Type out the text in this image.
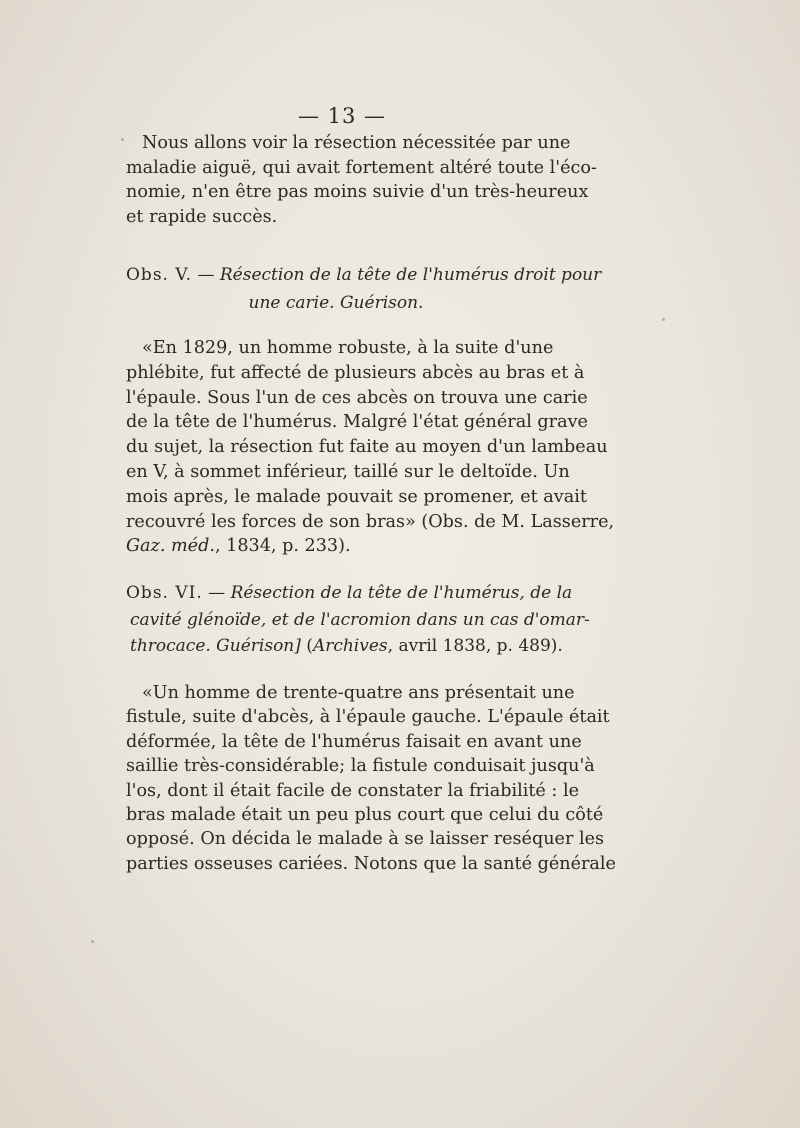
— 13 —
Nous allons voir la résection nécessitée par une
maladie aiguë, qui avait fortement altéré toute l'éco-
nomie, n'en être pas moins suivie d'un très-heureux
et rapide succès.
Obs. V. — Résection de la tête de l'humérus droit pour
une carie. Guérison.
«En 1829, un homme robuste, à la suite d'une
phlébite, fut affecté de plusieurs abcès au bras et à
l'épaule. Sous l'un de ces abcès on trouva une carie
de la tête de l'humérus. Malgré l'état général grave
du sujet, la résection fut faite au moyen d'un lambeau
en V, à sommet inférieur, taillé sur le deltoïde. Un
mois après, le malade pouvait se promener, et avait
recouvré les forces de son bras» (Obs. de M. Lasserre,
Gaz. méd., 1834, p. 233).
Obs. VI. — Résection de la tête de l'humérus, de la
cavité glénoïde, et de l'acromion dans un cas d'omar-
throcace. Guérison] (Archives, avril 1838, p. 489).
«Un homme de trente-quatre ans présentait une
fistule, suite d'abcès, à l'épaule gauche. L'épaule était
déformée, la tête de l'humérus faisait en avant une
saillie très-considérable; la fistule conduisait jusqu'à
l'os, dont il était facile de constater la friabilité : le
bras malade était un peu plus court que celui du côté
opposé. On décida le malade à se laisser reséquer les
parties osseuses cariées. Notons que la santé générale
